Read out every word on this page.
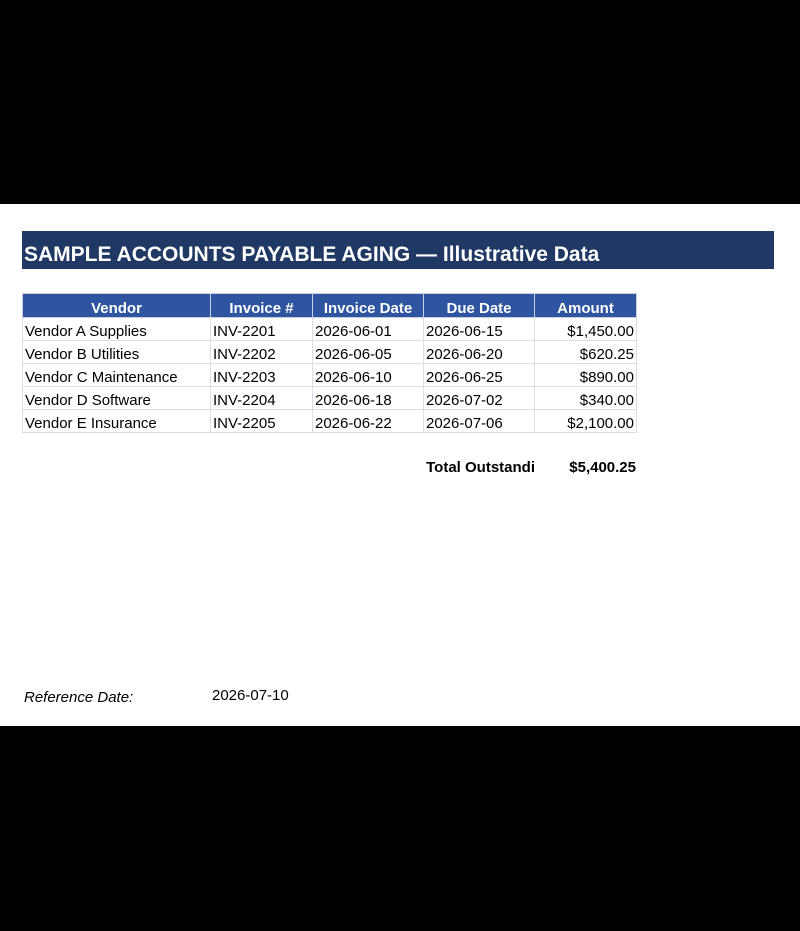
SAMPLE ACCOUNTS PAYABLE AGING — Illustrative Data
Vendor	Invoice #	Invoice Date	Due Date	Amount
Vendor A Supplies	INV-2201	2026-06-01	2026-06-15	$1,450.00
Vendor B Utilities	INV-2202	2026-06-05	2026-06-20	$620.25
Vendor C Maintenance	INV-2203	2026-06-10	2026-06-25	$890.00
Vendor D Software	INV-2204	2026-06-18	2026-07-02	$340.00
Vendor E Insurance	INV-2205	2026-06-22	2026-07-06	$2,100.00
Total Outstandi	$5,400.25
Reference Date:	2026-07-10
